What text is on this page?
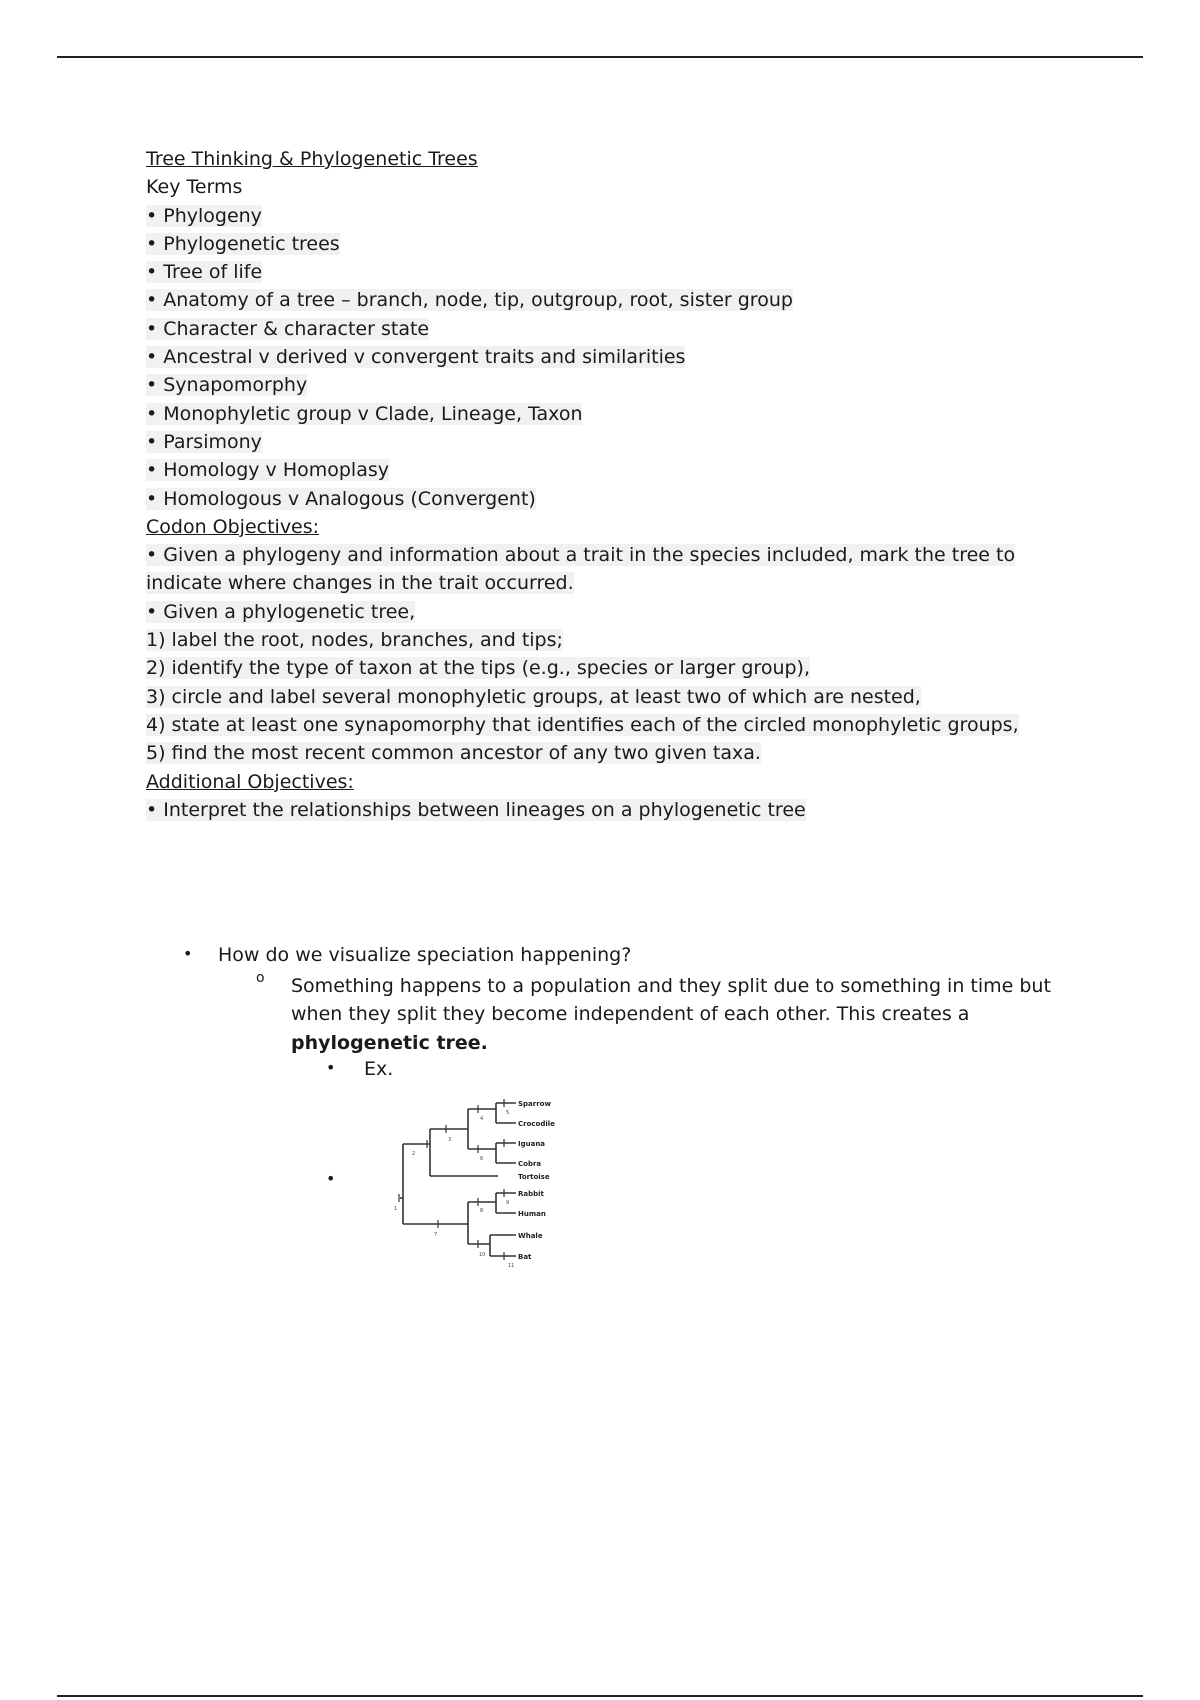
Tree Thinking & Phylogenetic Trees
Key Terms
• Phylogeny
• Phylogenetic trees
• Tree of life
• Anatomy of a tree – branch, node, tip, outgroup, root, sister group
• Character & character state
• Ancestral v derived v convergent traits and similarities
• Synapomorphy
• Monophyletic group v Clade, Lineage, Taxon
• Parsimony
• Homology v Homoplasy
• Homologous v Analogous (Convergent)
Codon Objectives:
• Given a phylogeny and information about a trait in the species included, mark the tree to
indicate where changes in the trait occurred.
• Given a phylogenetic tree,
1) label the root, nodes, branches, and tips;
2) identify the type of taxon at the tips (e.g., species or larger group),
3) circle and label several monophyletic groups, at least two of which are nested,
4) state at least one synapomorphy that identifies each of the circled monophyletic groups,
5) find the most recent common ancestor of any two given taxa.
Additional Objectives:
• Interpret the relationships between lineages on a phylogenetic tree
• How do we visualize speciation happening?
o Something happens to a population and they split due to something in time but when they split they become independent of each other. This creates a phylogenetic tree.
• Ex.
•
Sparrow
Crocodile
Iguana
Cobra
Tortoise
Rabbit
Human
Whale
Bat
1
2
3
4
5
6
7
8
9
10
11
